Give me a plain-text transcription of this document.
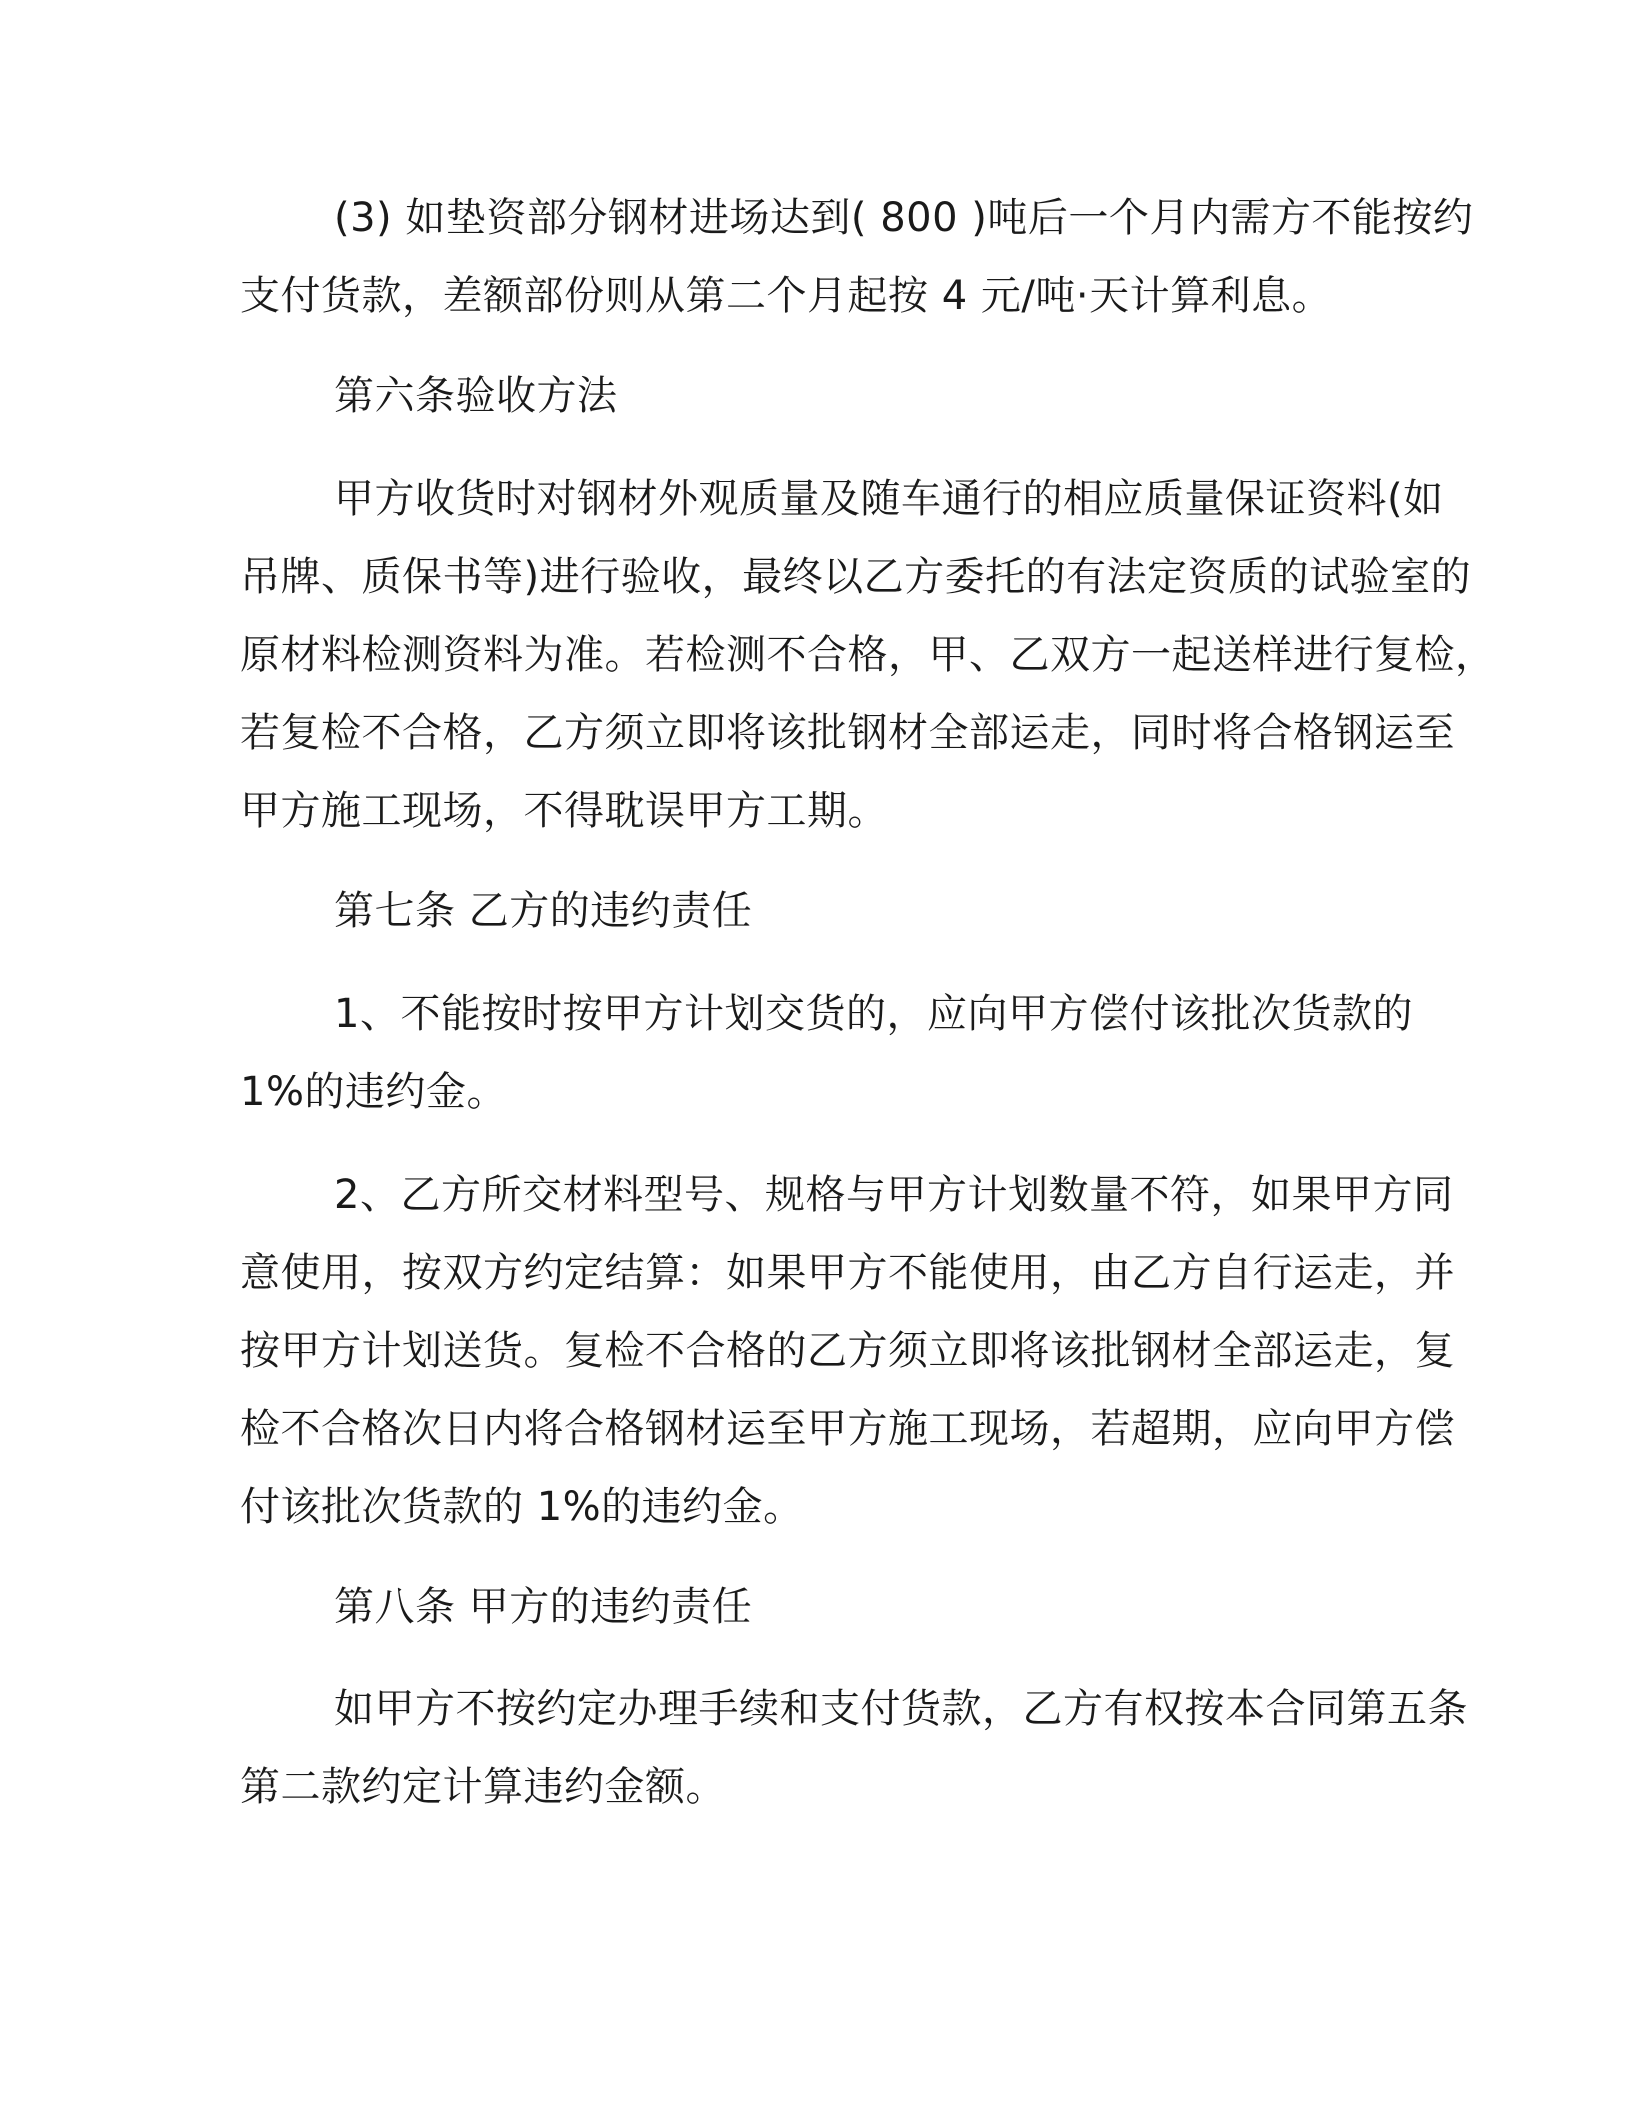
(3) 如垫资部分钢材进场达到( 800 )吨后一个月内需方不能按约
支付货款，差额部份则从第二个月起按 4 元/吨·天计算利息。

第六条验收方法

甲方收货时对钢材外观质量及随车通行的相应质量保证资料(如
吊牌、质保书等)进行验收，最终以乙方委托的有法定资质的试验室的
原材料检测资料为准。若检测不合格，甲、乙双方一起送样进行复检，
若复检不合格，乙方须立即将该批钢材全部运走，同时将合格钢运至
甲方施工现场，不得耽误甲方工期。

第七条 乙方的违约责任

1、不能按时按甲方计划交货的，应向甲方偿付该批次货款的
1%的违约金。

2、乙方所交材料型号、规格与甲方计划数量不符，如果甲方同
意使用，按双方约定结算：如果甲方不能使用，由乙方自行运走，并
按甲方计划送货。复检不合格的乙方须立即将该批钢材全部运走，复
检不合格次日内将合格钢材运至甲方施工现场，若超期，应向甲方偿
付该批次货款的 1%的违约金。

第八条 甲方的违约责任

如甲方不按约定办理手续和支付货款，乙方有权按本合同第五条
第二款约定计算违约金额。
